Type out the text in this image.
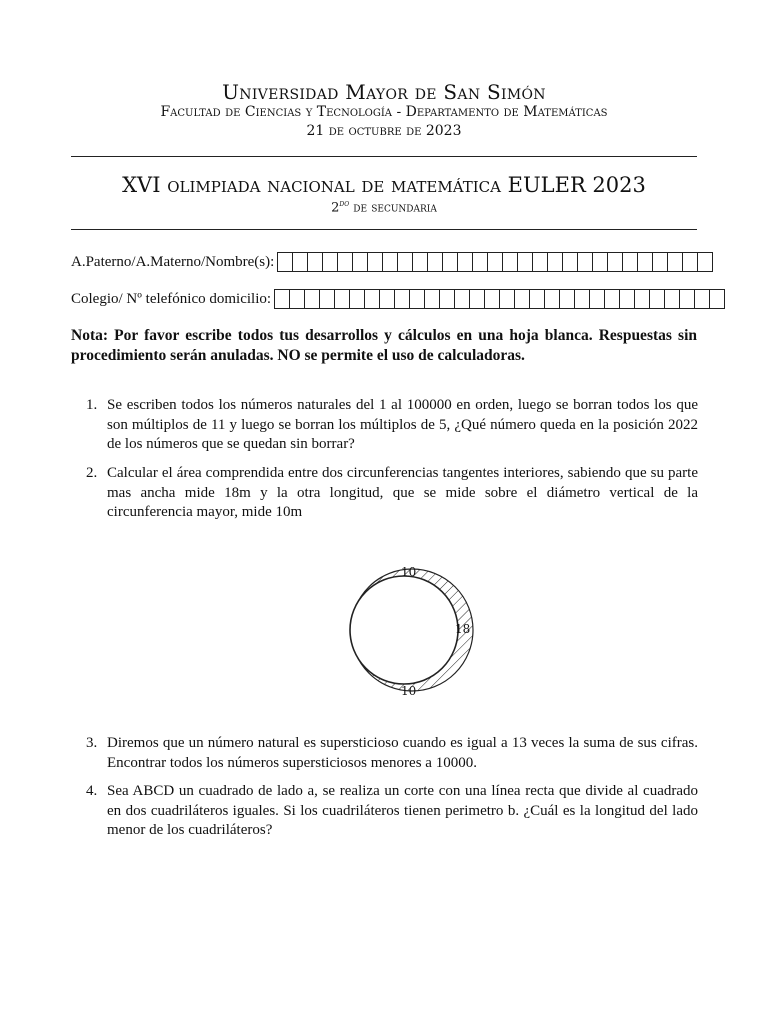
Universidad Mayor de San Simón
Facultad de Ciencias y Tecnología - Departamento de Matemáticas
21 de octubre de 2023
XVI olimpiada nacional de matemática EULER 2023
$2^{do}$ de secundaria
A.Paterno/A.Materno/Nombre(s):
Colegio/ Nº telefónico domicilio:
Nota: Por favor escribe todos tus desarrollos y cálculos en una hoja blanca. Respuestas sin procedimiento serán anuladas. NO se permite el uso de calculadoras.
1. Se escriben todos los números naturales del 1 al 100000 en orden, luego se borran todos los que son múltiplos de 11 y luego se borran los múltiplos de 5, ¿Qué número queda en la posición 2022 de los números que se quedan sin borrar?
2. Calcular el área comprendida entre dos circunferencias tangentes interiores, sabiendo que su parte mas ancha mide 18m y la otra longitud, que se mide sobre el diámetro vertical de la circunferencia mayor, mide 10m
10
18
10
3. Diremos que un número natural es supersticioso cuando es igual a 13 veces la suma de sus cifras. Encontrar todos los números supersticiosos menores a 10000.
4. Sea ABCD un cuadrado de lado a, se realiza un corte con una línea recta que divide al cuadrado en dos cuadriláteros iguales. Si los cuadriláteros tienen perimetro b. ¿Cuál es la longitud del lado menor de los cuadriláteros?
